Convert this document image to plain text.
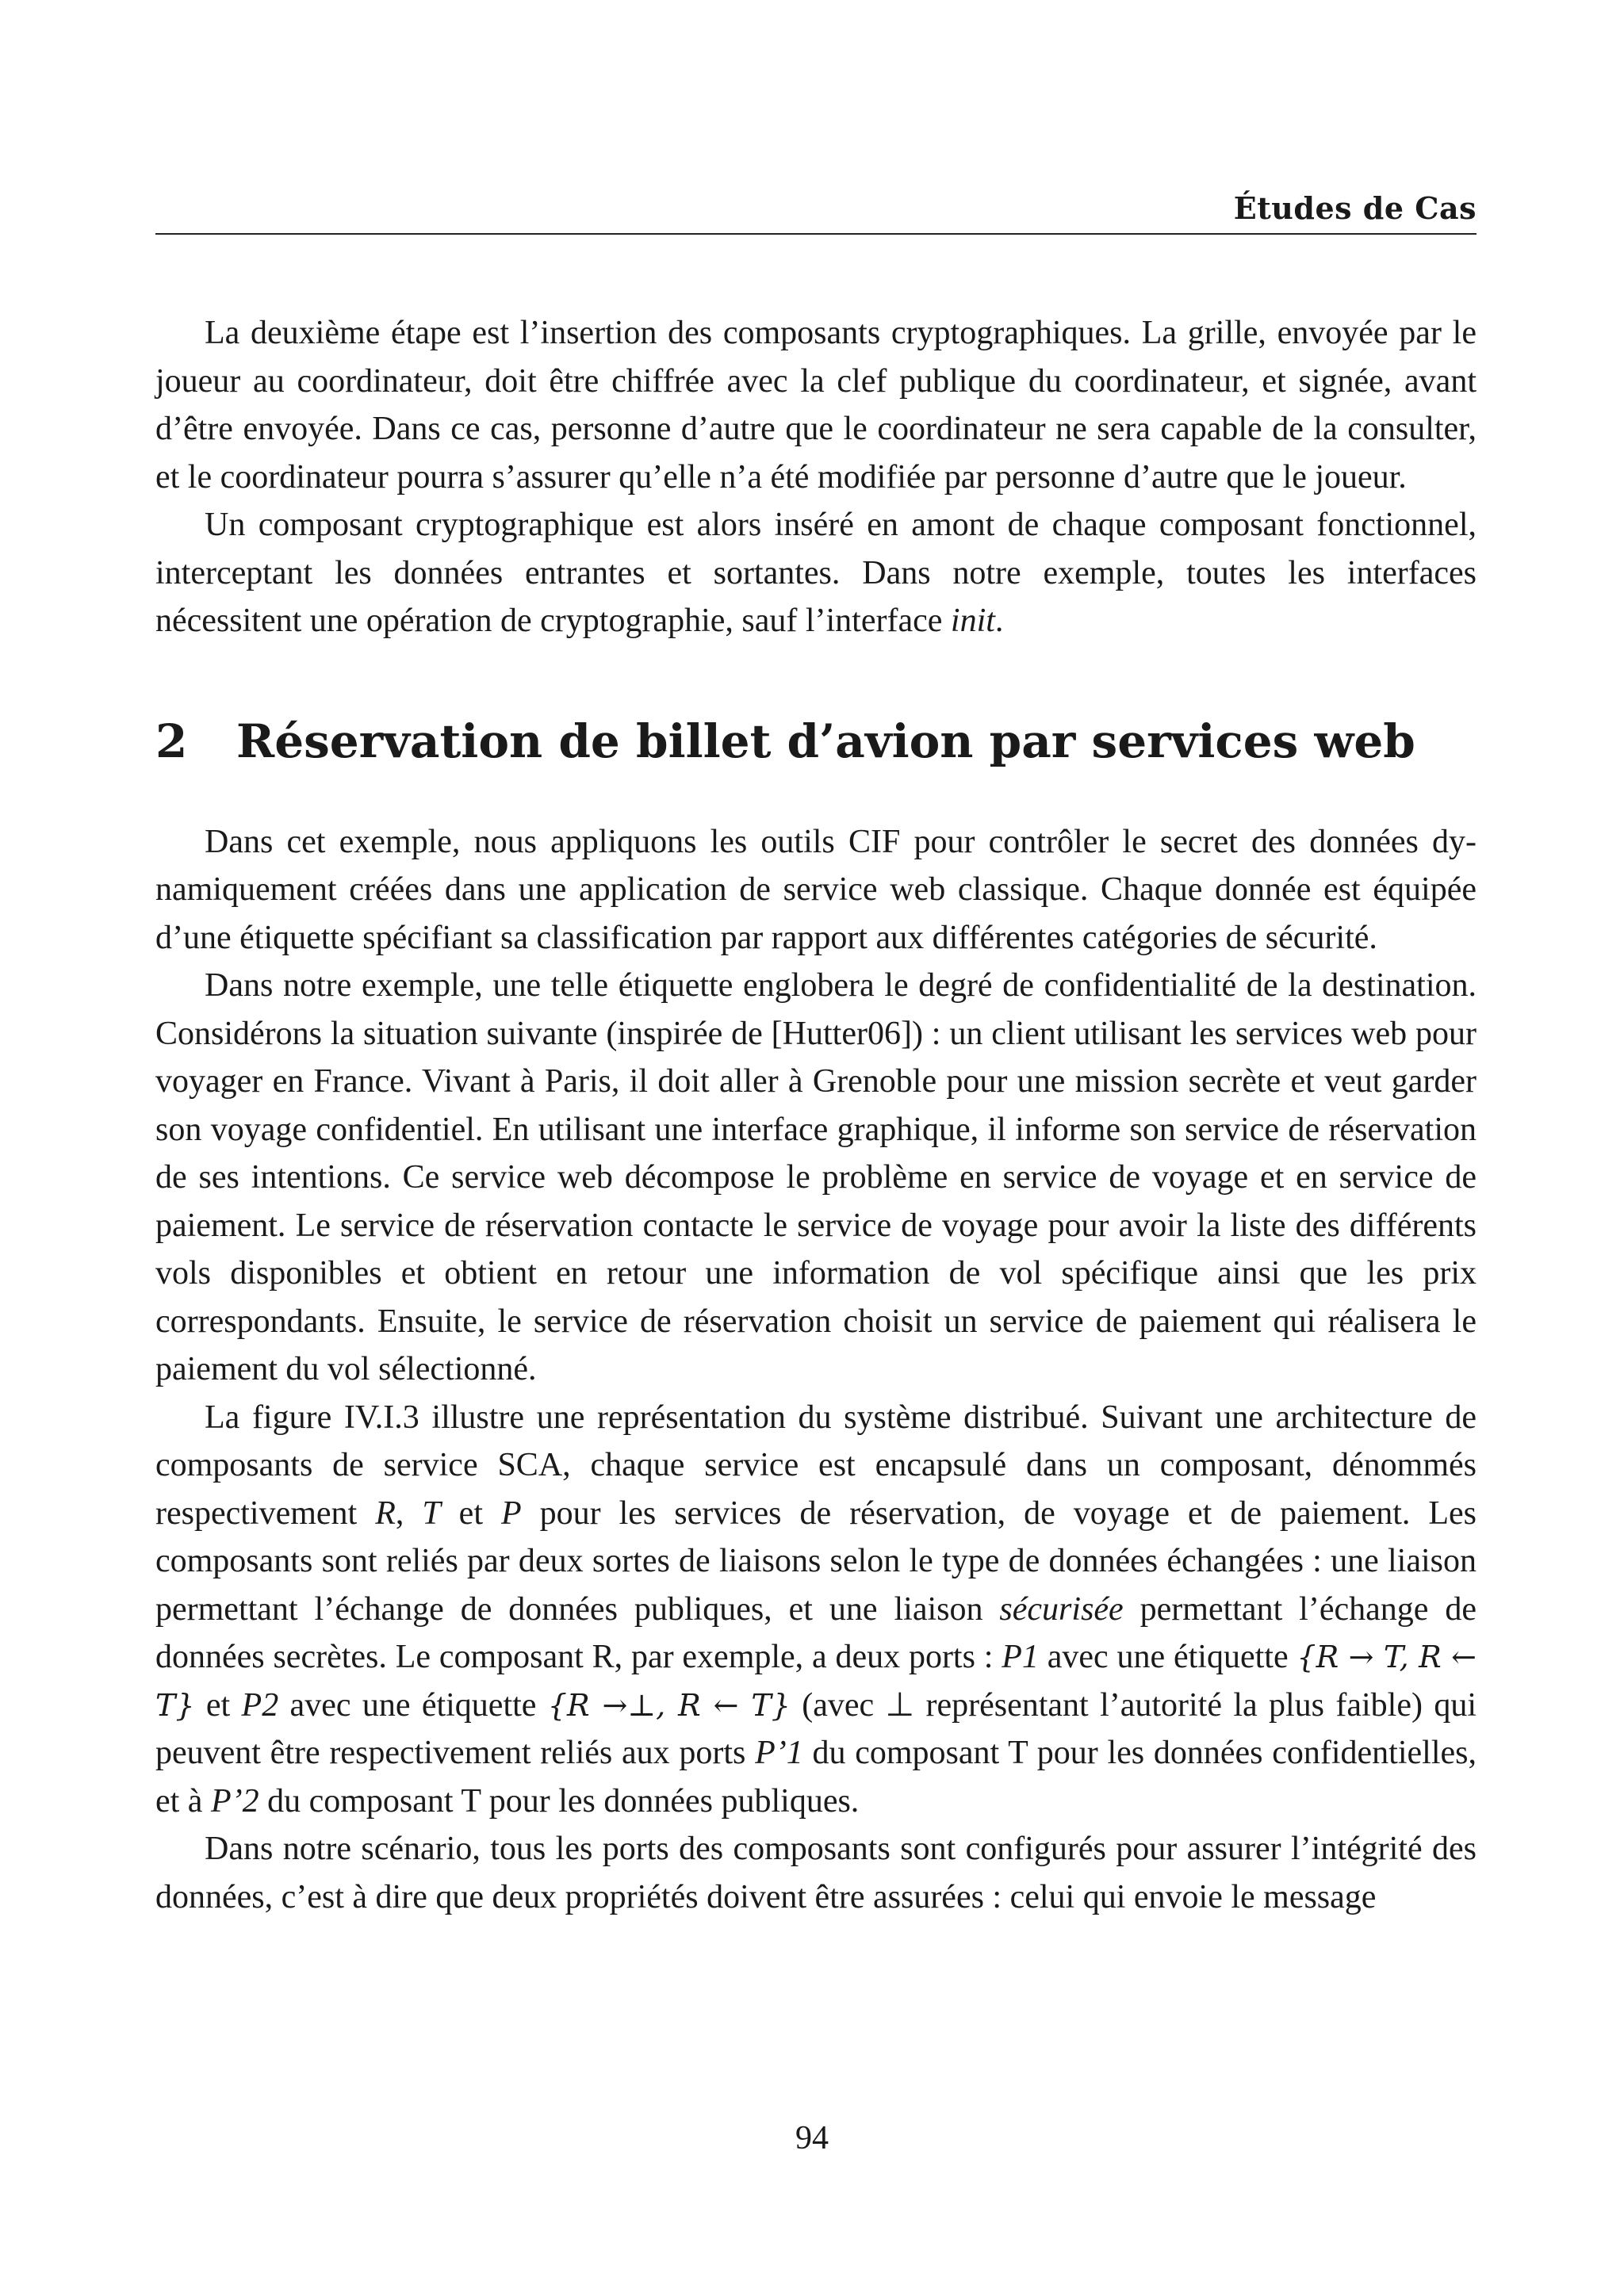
Études de Cas

La deuxième étape est l’insertion des composants cryptographiques. La grille, envoyée par le joueur au coordinateur, doit être chiffrée avec la clef publique du coordinateur, et signée, avant d’être envoyée. Dans ce cas, personne d’autre que le coordinateur ne sera capable de la consulter, et le coordinateur pourra s’assurer qu’elle n’a été modifiée par personne d’autre que le joueur.

Un composant cryptographique est alors inséré en amont de chaque composant fonctionnel, interceptant les données entrantes et sortantes. Dans notre exemple, toutes les interfaces nécessitent une opération de cryptographie, sauf l’interface init.

2 Réservation de billet d’avion par services web

Dans cet exemple, nous appliquons les outils CIF pour contrôler le secret des données dynamiquement créées dans une application de service web classique. Chaque donnée est équipée d’une étiquette spécifiant sa classification par rapport aux différentes catégories de sécurité.

Dans notre exemple, une telle étiquette englobera le degré de confidentialité de la destination. Considérons la situation suivante (inspirée de [Hutter06]) : un client utilisant les services web pour voyager en France. Vivant à Paris, il doit aller à Grenoble pour une mission secrète et veut garder son voyage confidentiel. En utilisant une interface graphique, il informe son service de réservation de ses intentions. Ce service web décompose le problème en service de voyage et en service de paiement. Le service de réservation contacte le service de voyage pour avoir la liste des différents vols disponibles et obtient en retour une information de vol spécifique ainsi que les prix correspondants. Ensuite, le service de réservation choisit un service de paiement qui réalisera le paiement du vol sélectionné.

La figure IV.I.3 illustre une représentation du système distribué. Suivant une architecture de composants de service SCA, chaque service est encapsulé dans un composant, dénommés respectivement R, T et P pour les services de réservation, de voyage et de paiement. Les composants sont reliés par deux sortes de liaisons selon le type de données échangées : une liaison permettant l’échange de données publiques, et une liaison sécurisée permettant l’échange de données secrètes. Le composant R, par exemple, a deux ports : P1 avec une étiquette {R → T, R ← T} et P2 avec une étiquette {R →⊥, R ← T} (avec ⊥ représentant l’autorité la plus faible) qui peuvent être respectivement reliés aux ports P’1 du composant T pour les données confidentielles, et à P’2 du composant T pour les données publiques.

Dans notre scénario, tous les ports des composants sont configurés pour assurer l’intégrité des données, c’est à dire que deux propriétés doivent être assurées : celui qui envoie le message

94
